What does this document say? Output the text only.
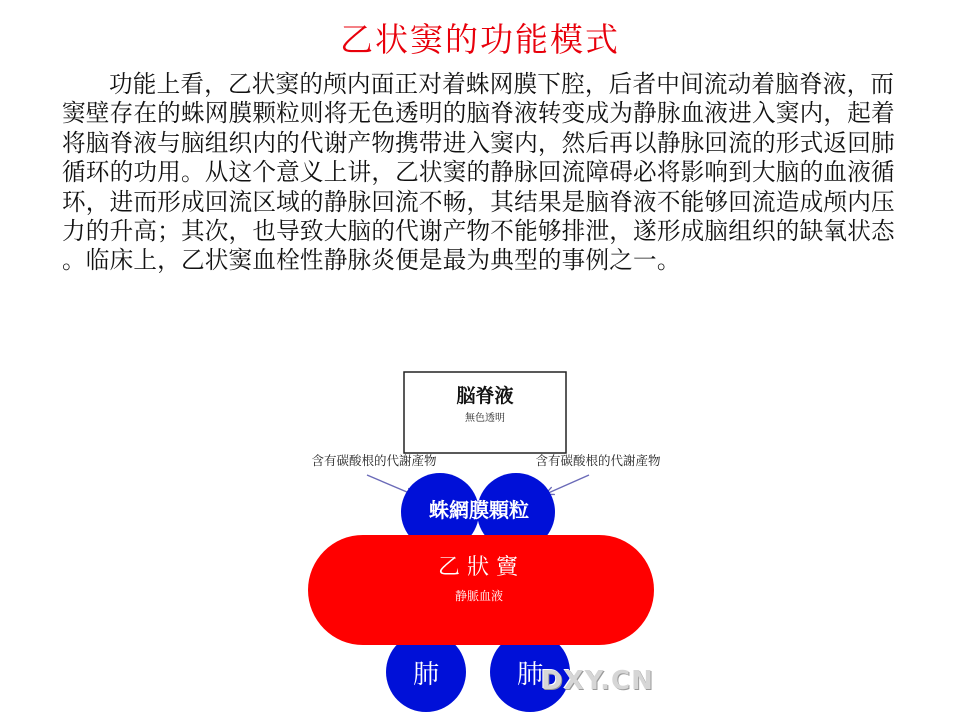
乙状窦的功能模式

功能上看，乙状窦的颅内面正对着蛛网膜下腔，后者中间流动着脑脊液，而窦壁存在的蛛网膜颗粒则将无色透明的脑脊液转变成为静脉血液进入窦内，起着将脑脊液与脑组织内的代谢产物携带进入窦内，然后再以静脉回流的形式返回肺循环的功用。从这个意义上讲，乙状窦的静脉回流障碍必将影响到大脑的血液循环，进而形成回流区域的静脉回流不畅，其结果是脑脊液不能够回流造成颅内压力的升高；其次，也导致大脑的代谢产物不能够排泄，遂形成脑组织的缺氧状态 。临床上，乙状窦血栓性静脉炎便是最为典型的事例之一。

脳脊液
無色透明
含有碳酸根的代謝產物	含有碳酸根的代謝產物
蛛網膜顆粒
乙 狀 竇
静脈血液
肺	肺
DXY.CN
